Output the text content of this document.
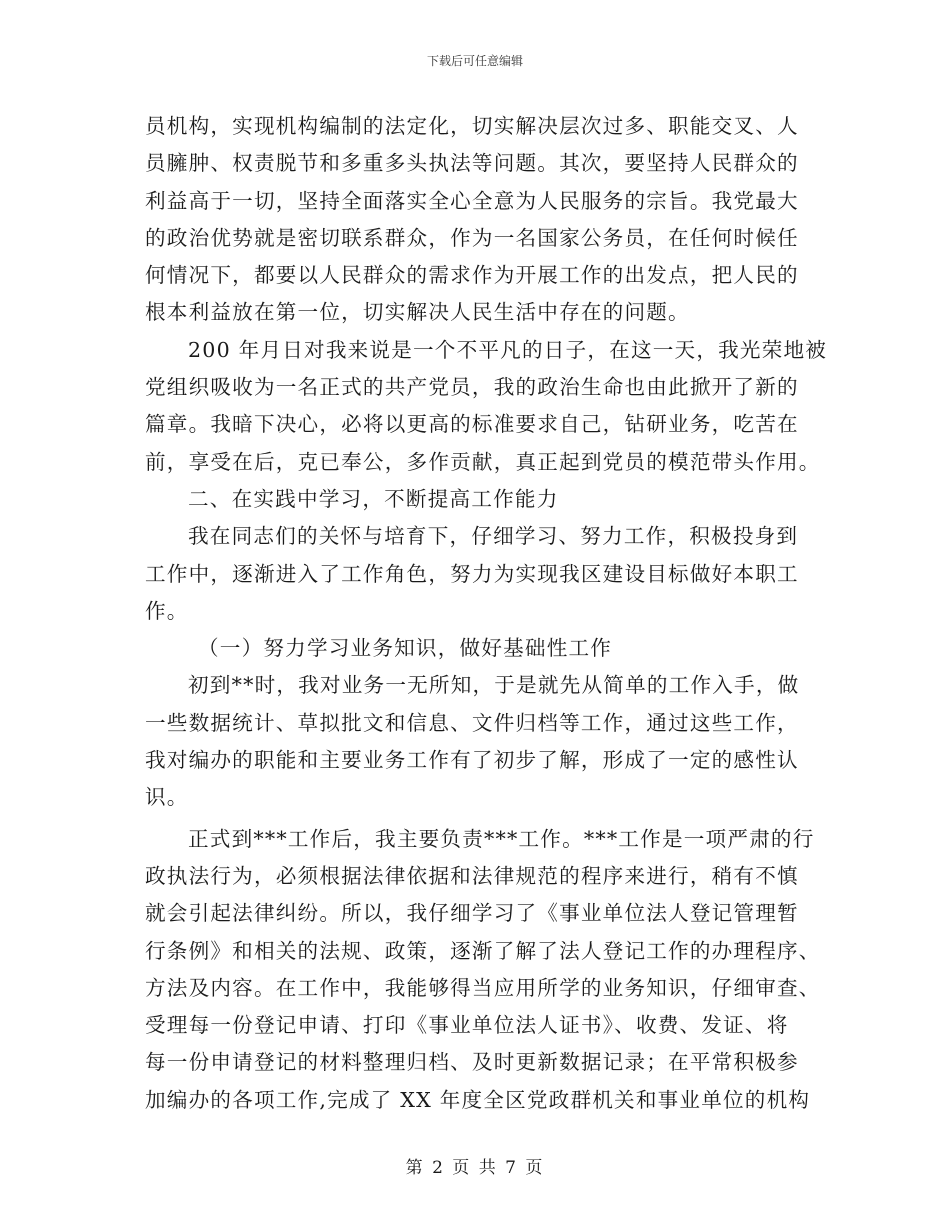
下载后可任意编辑
员机构，实现机构编制的法定化，切实解决层次过多、职能交叉、人
员臃肿、权责脱节和多重多头执法等问题。其次，要坚持人民群众的
利益高于一切，坚持全面落实全心全意为人民服务的宗旨。我党最大
的政治优势就是密切联系群众，作为一名国家公务员，在任何时候任
何情况下，都要以人民群众的需求作为开展工作的出发点，把人民的
根本利益放在第一位，切实解决人民生活中存在的问题。
200 年月日对我来说是一个不平凡的日子，在这一天，我光荣地被
党组织吸收为一名正式的共产党员，我的政治生命也由此掀开了新的
篇章。我暗下决心，必将以更高的标准要求自己，钻研业务，吃苦在
前，享受在后，克已奉公，多作贡献，真正起到党员的模范带头作用。
二、在实践中学习，不断提高工作能力
我在同志们的关怀与培育下，仔细学习、努力工作，积极投身到
工作中，逐渐进入了工作角色，努力为实现我区建设目标做好本职工
作。
（一）努力学习业务知识，做好基础性工作
初到**时，我对业务一无所知，于是就先从简单的工作入手，做
一些数据统计、草拟批文和信息、文件归档等工作，通过这些工作，
我对编办的职能和主要业务工作有了初步了解，形成了一定的感性认
识。
正式到***工作后，我主要负责***工作。***工作是一项严肃的行
政执法行为，必须根据法律依据和法律规范的程序来进行，稍有不慎
就会引起法律纠纷。所以，我仔细学习了《事业单位法人登记管理暂
行条例》和相关的法规、政策，逐渐了解了法人登记工作的办理程序、
方法及内容。在工作中，我能够得当应用所学的业务知识，仔细审查、
受理每一份登记申请、打印《事业单位法人证书》、收费、发证、将
每一份申请登记的材料整理归档、及时更新数据记录；在平常积极参
加编办的各项工作,完成了 XX 年度全区党政群机关和事业单位的机构
第 2 页 共 7 页
